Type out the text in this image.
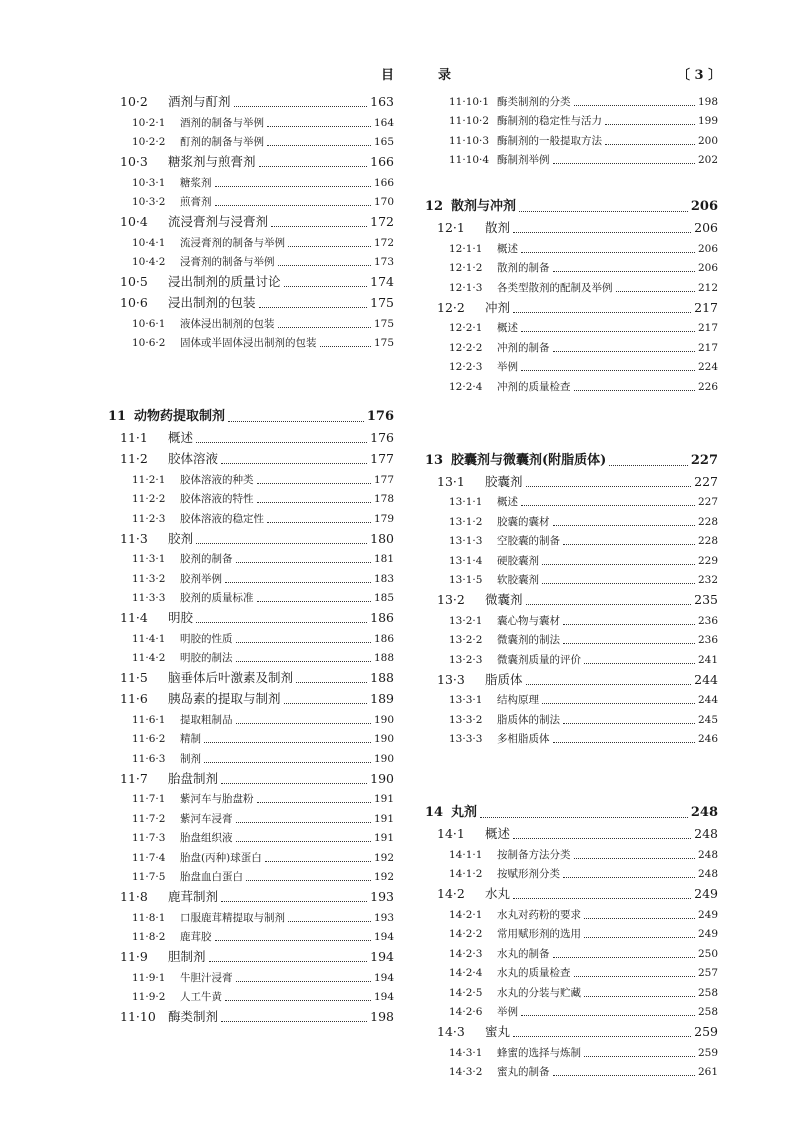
目	录	〔 3 〕
10·2	酒剂与酊剂	163
10·2·1	酒剂的制备与举例	164
10·2·2	酊剂的制备与举例	165
10·3	糖浆剂与煎膏剂	166
10·3·1	糖浆剂	166
10·3·2	煎膏剂	170
10·4	流浸膏剂与浸膏剂	172
10·4·1	流浸膏剂的制备与举例	172
10·4·2	浸膏剂的制备与举例	173
10·5	浸出制剂的质量讨论	174
10·6	浸出制剂的包装	175
10·6·1	液体浸出制剂的包装	175
10·6·2	固体或半固体浸出制剂的包装	175
11 动物药提取制剂	176
11·1	概述	176
11·2	胶体溶液	177
11·2·1	胶体溶液的种类	177
11·2·2	胶体溶液的特性	178
11·2·3	胶体溶液的稳定性	179
11·3	胶剂	180
11·3·1	胶剂的制备	181
11·3·2	胶剂举例	183
11·3·3	胶剂的质量标准	185
11·4	明胶	186
11·4·1	明胶的性质	186
11·4·2	明胶的制法	188
11·5	脑垂体后叶激素及制剂	188
11·6	胰岛素的提取与制剂	189
11·6·1	提取粗制品	190
11·6·2	精制	190
11·6·3	制剂	190
11·7	胎盘制剂	190
11·7·1	紫河车与胎盘粉	191
11·7·2	紫河车浸膏	191
11·7·3	胎盘组织液	191
11·7·4	胎盘(丙种)球蛋白	192
11·7·5	胎盘血白蛋白	192
11·8	鹿茸制剂	193
11·8·1	口服鹿茸精提取与制剂	193
11·8·2	鹿茸胶	194
11·9	胆制剂	194
11·9·1	牛胆汁浸膏	194
11·9·2	人工牛黄	194
11·10 酶类制剂	198
11·10·1 酶类制剂的分类	198
11·10·2 酶制剂的稳定性与活力	199
11·10·3 酶制剂的一般提取方法	200
11·10·4 酶制剂举例	202
12 散剂与冲剂	206
12·1	散剂	206
12·1·1	概述	206
12·1·2	散剂的制备	206
12·1·3	各类型散剂的配制及举例	212
12·2	冲剂	217
12·2·1	概述	217
12·2·2	冲剂的制备	217
12·2·3	举例	224
12·2·4	冲剂的质量检查	226
13 胶囊剂与微囊剂(附脂质体)	227
13·1	胶囊剂	227
13·1·1	概述	227
13·1·2	胶囊的囊材	228
13·1·3	空胶囊的制备	228
13·1·4	硬胶囊剂	229
13·1·5	软胶囊剂	232
13·2	微囊剂	235
13·2·1	囊心物与囊材	236
13·2·2	微囊剂的制法	236
13·2·3	微囊剂质量的评价	241
13·3	脂质体	244
13·3·1	结构原理	244
13·3·2	脂质体的制法	245
13·3·3	多相脂质体	246
14 丸剂	248
14·1	概述	248
14·1·1	按制备方法分类	248
14·1·2	按赋形剂分类	248
14·2	水丸	249
14·2·1	水丸对药粉的要求	249
14·2·2	常用赋形剂的选用	249
14·2·3	水丸的制备	250
14·2·4	水丸的质量检查	257
14·2·5	水丸的分装与贮藏	258
14·2·6	举例	258
14·3	蜜丸	259
14·3·1	蜂蜜的选择与炼制	259
14·3·2	蜜丸的制备	261
